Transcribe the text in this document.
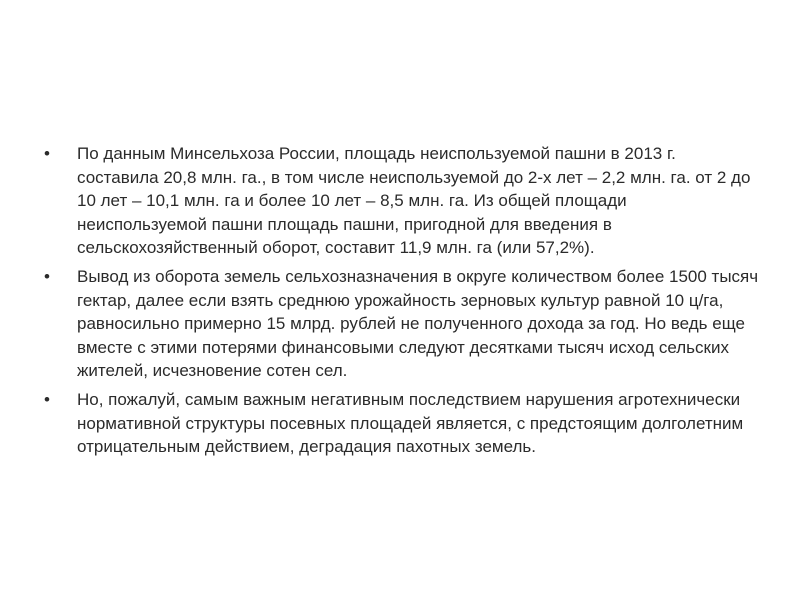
•	По данным Минсельхоза России, площадь неиспользуемой пашни в 2013 г. составила 20,8 млн. га., в том числе неиспользуемой до 2-х лет – 2,2 млн. га. от 2 до 10 лет – 10,1 млн. га и более 10 лет – 8,5 млн. га. Из общей площади неиспользуемой пашни площадь пашни, пригодной для введения в сельскохозяйственный оборот, составит 11,9 млн. га (или 57,2%).
•	Вывод из оборота земель сельхозназначения в округе количеством более 1500 тысяч гектар, далее если взять среднюю урожайность зерновых культур равной 10 ц/га, равносильно примерно 15 млрд. рублей не полученного дохода за год. Но ведь еще вместе с этими потерями финансовыми следуют десятками тысяч исход сельских жителей, исчезновение сотен сел.
•	Но, пожалуй, самым важным негативным последствием нарушения агротехнически нормативной структуры посевных площадей является, с предстоящим долголетним отрицательным действием, деградация пахотных земель.
